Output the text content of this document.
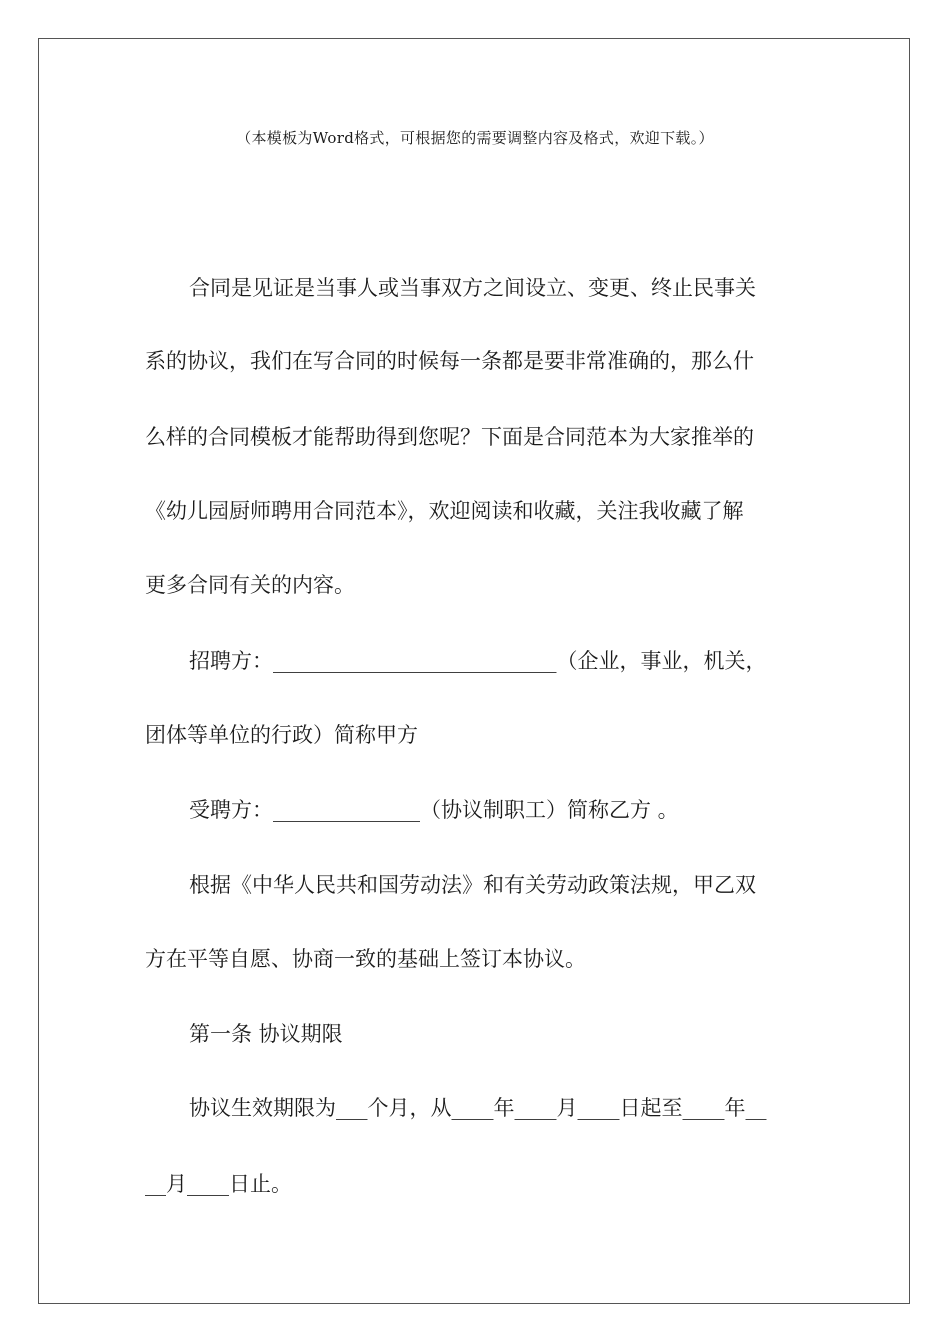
（本模板为Word格式，可根据您的需要调整内容及格式，欢迎下载。）
合同是见证是当事人或当事双方之间设立、变更、终止民事关
系的协议，我们在写合同的时候每一条都是要非常准确的，那么什
么样的合同模板才能帮助得到您呢？下面是合同范本为大家推举的
《幼儿园厨师聘用合同范本》，欢迎阅读和收藏，关注我收藏了解
更多合同有关的内容。
招聘方：___________________________（企业，事业，机关，
团体等单位的行政）简称甲方
受聘方：______________（协议制职工）简称乙方 。
根据《中华人民共和国劳动法》和有关劳动政策法规，甲乙双
方在平等自愿、协商一致的基础上签订本协议。
第一条 协议期限
协议生效期限为___个月，从____年____月____日起至____年__
__月____日止。
